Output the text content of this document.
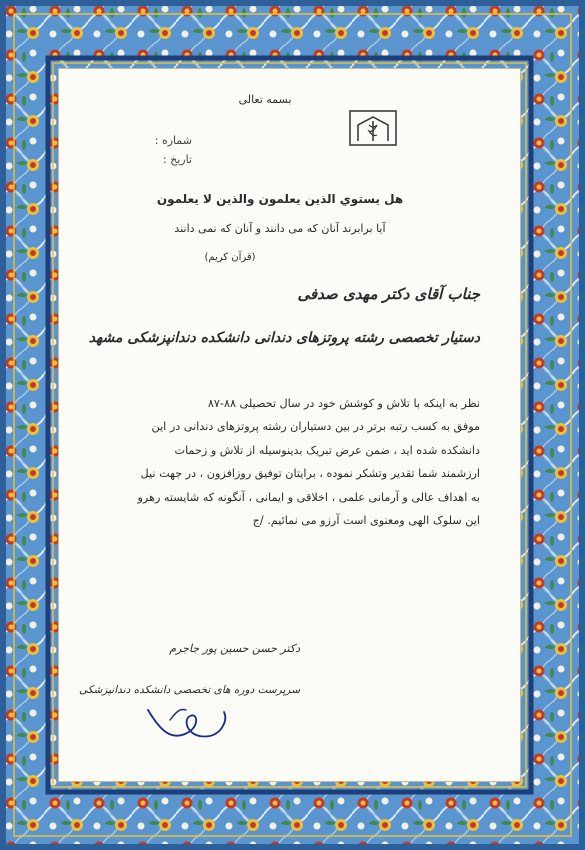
بسمه تعالی
شماره :
تاریخ :
هل يستوي الذين يعلمون والذين لا يعلمون
آیا برابرند آنان که می دانند و آنان که نمی دانند
(قرآن کریم)
جناب آقای دکتر مهدی صدفی
دستیار تخصصی رشته پروتزهای دندانی دانشکده دندانپزشکی مشهد

نظر به اینکه با تلاش و کوشش خود در سال تحصیلی ۸۸-۸۷

موفق به کسب رتبه برتر در بین دستیاران رشته پروتزهای دندانی در این

دانشکده شده اید ، ضمن عرض تبریک بدینوسیله از تلاش و زحمات

ارزشمند شما تقدیر وتشکر نموده ، برایتان توفیق روزافزون ، در جهت نیل

به اهداف عالی و آرمانی علمی ، اخلاقی و ایمانی ، آنگونه که شایسته رهرو

این سلوک الهی ومعنوی است آرزو می نمائیم. /ج

دکتر حسن حسین پور جاجرم
سرپرست دوره های تخصصی دانشکده دندانپزشکی
